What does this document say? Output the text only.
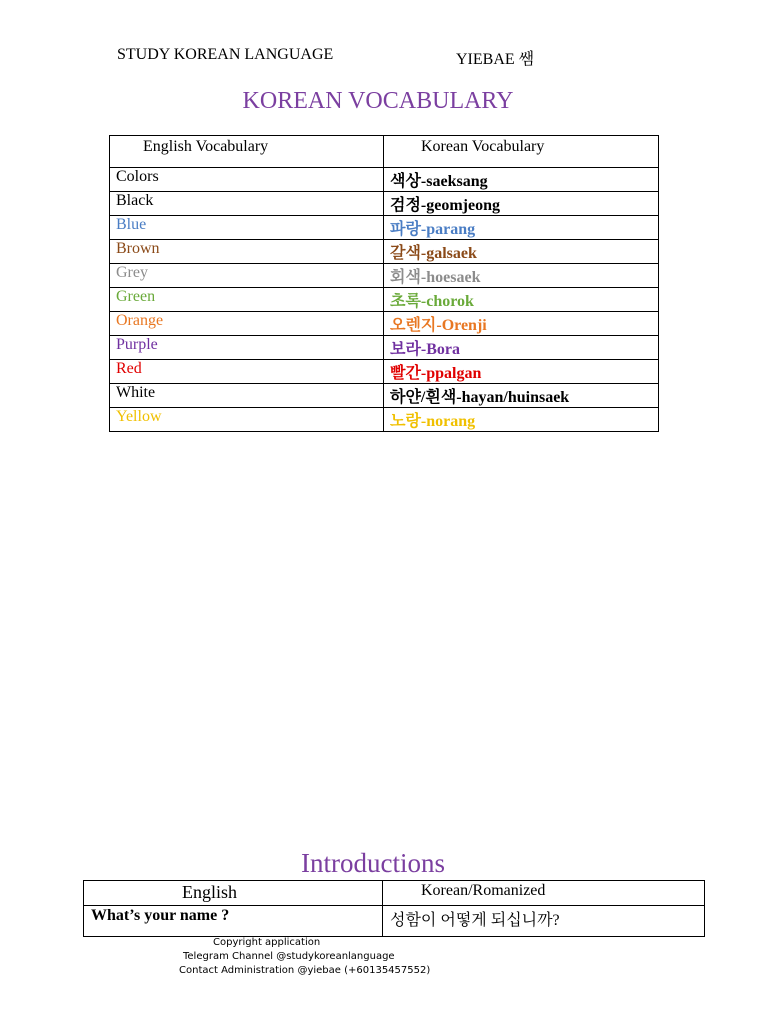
STUDY KOREAN LANGUAGE	YIEBAE 쌤
KOREAN VOCABULARY
English Vocabulary	Korean Vocabulary
Colors	색상-saeksang
Black	검정-geomjeong
Blue	파랑-parang
Brown	갈색-galsaek
Grey	회색-hoesaek
Green	초록-chorok
Orange	오렌지-Orenji
Purple	보라-Bora
Red	빨간-ppalgan
White	하얀/흰색-hayan/huinsaek
Yellow	노랑-norang
Introductions
English	Korean/Romanized
What’s your name ?	성함이 어떻게 되십니까?
Copyright application
Telegram Channel @studykoreanlanguage
Contact Administration @yiebae (+60135457552)
